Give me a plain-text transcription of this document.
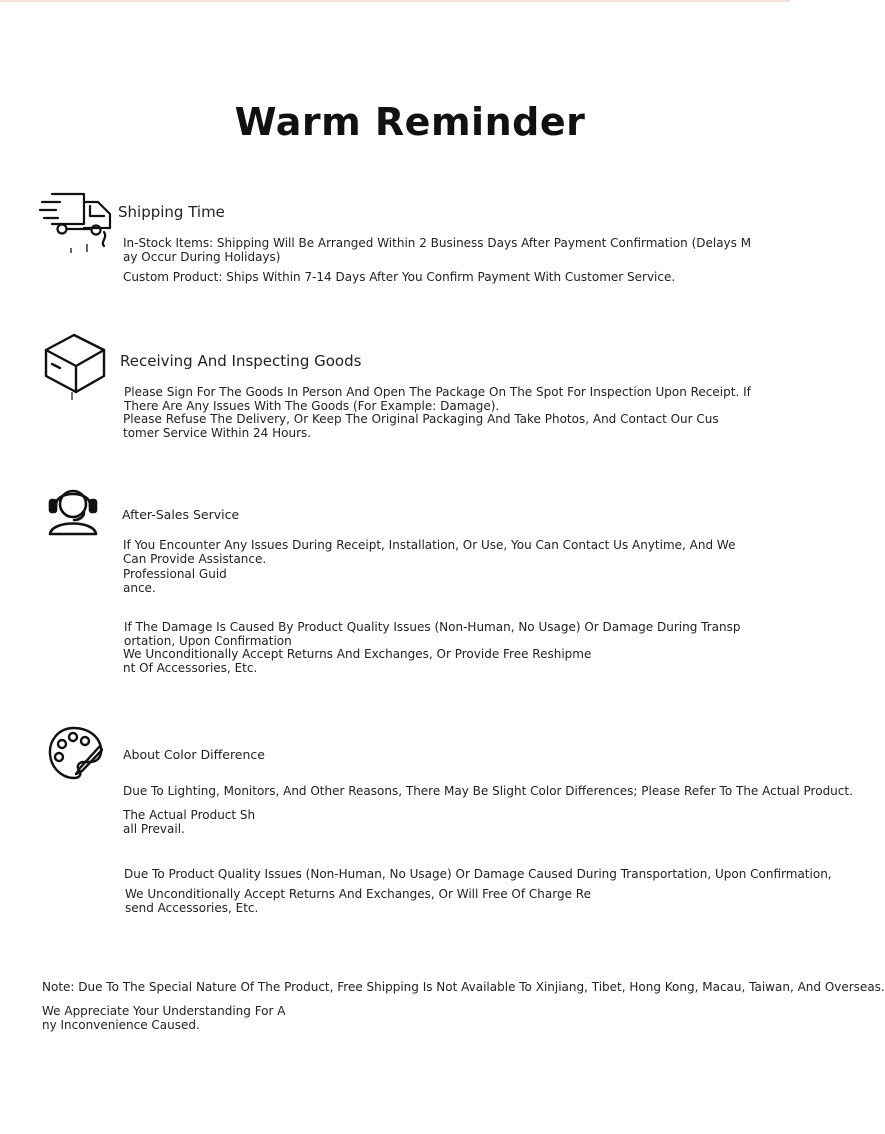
Warm Reminder
Shipping Time

In-Stock Items: Shipping Will Be Arranged Within 2 Business Days After Payment Confirmation (Delays M
ay Occur During Holidays)

Custom Product: Ships Within 7-14 Days After You Confirm Payment With Customer Service.

Receiving And Inspecting Goods

Please Sign For The Goods In Person And Open The Package On The Spot For Inspection Upon Receipt. If
There Are Any Issues With The Goods (For Example: Damage).

Please Refuse The Delivery, Or Keep The Original Packaging And Take Photos, And Contact Our Cus
tomer Service Within 24 Hours.

After-Sales Service

If You Encounter Any Issues During Receipt, Installation, Or Use, You Can Contact Us Anytime, And We
Can Provide Assistance.

Professional Guid
ance.

If The Damage Is Caused By Product Quality Issues (Non-Human, No Usage) Or Damage During Transp
ortation, Upon Confirmation

We Unconditionally Accept Returns And Exchanges, Or Provide Free Reshipme
nt Of Accessories, Etc.

About Color Difference

Due To Lighting, Monitors, And Other Reasons, There May Be Slight Color Differences; Please Refer To The Actual Product.

The Actual Product Sh
all Prevail.

Due To Product Quality Issues (Non-Human, No Usage) Or Damage Caused During Transportation, Upon Confirmation,

We Unconditionally Accept Returns And Exchanges, Or Will Free Of Charge Re
send Accessories, Etc.

Note: Due To The Special Nature Of The Product, Free Shipping Is Not Available To Xinjiang, Tibet, Hong Kong, Macau, Taiwan, And Overseas.

We Appreciate Your Understanding For A
ny Inconvenience Caused.
